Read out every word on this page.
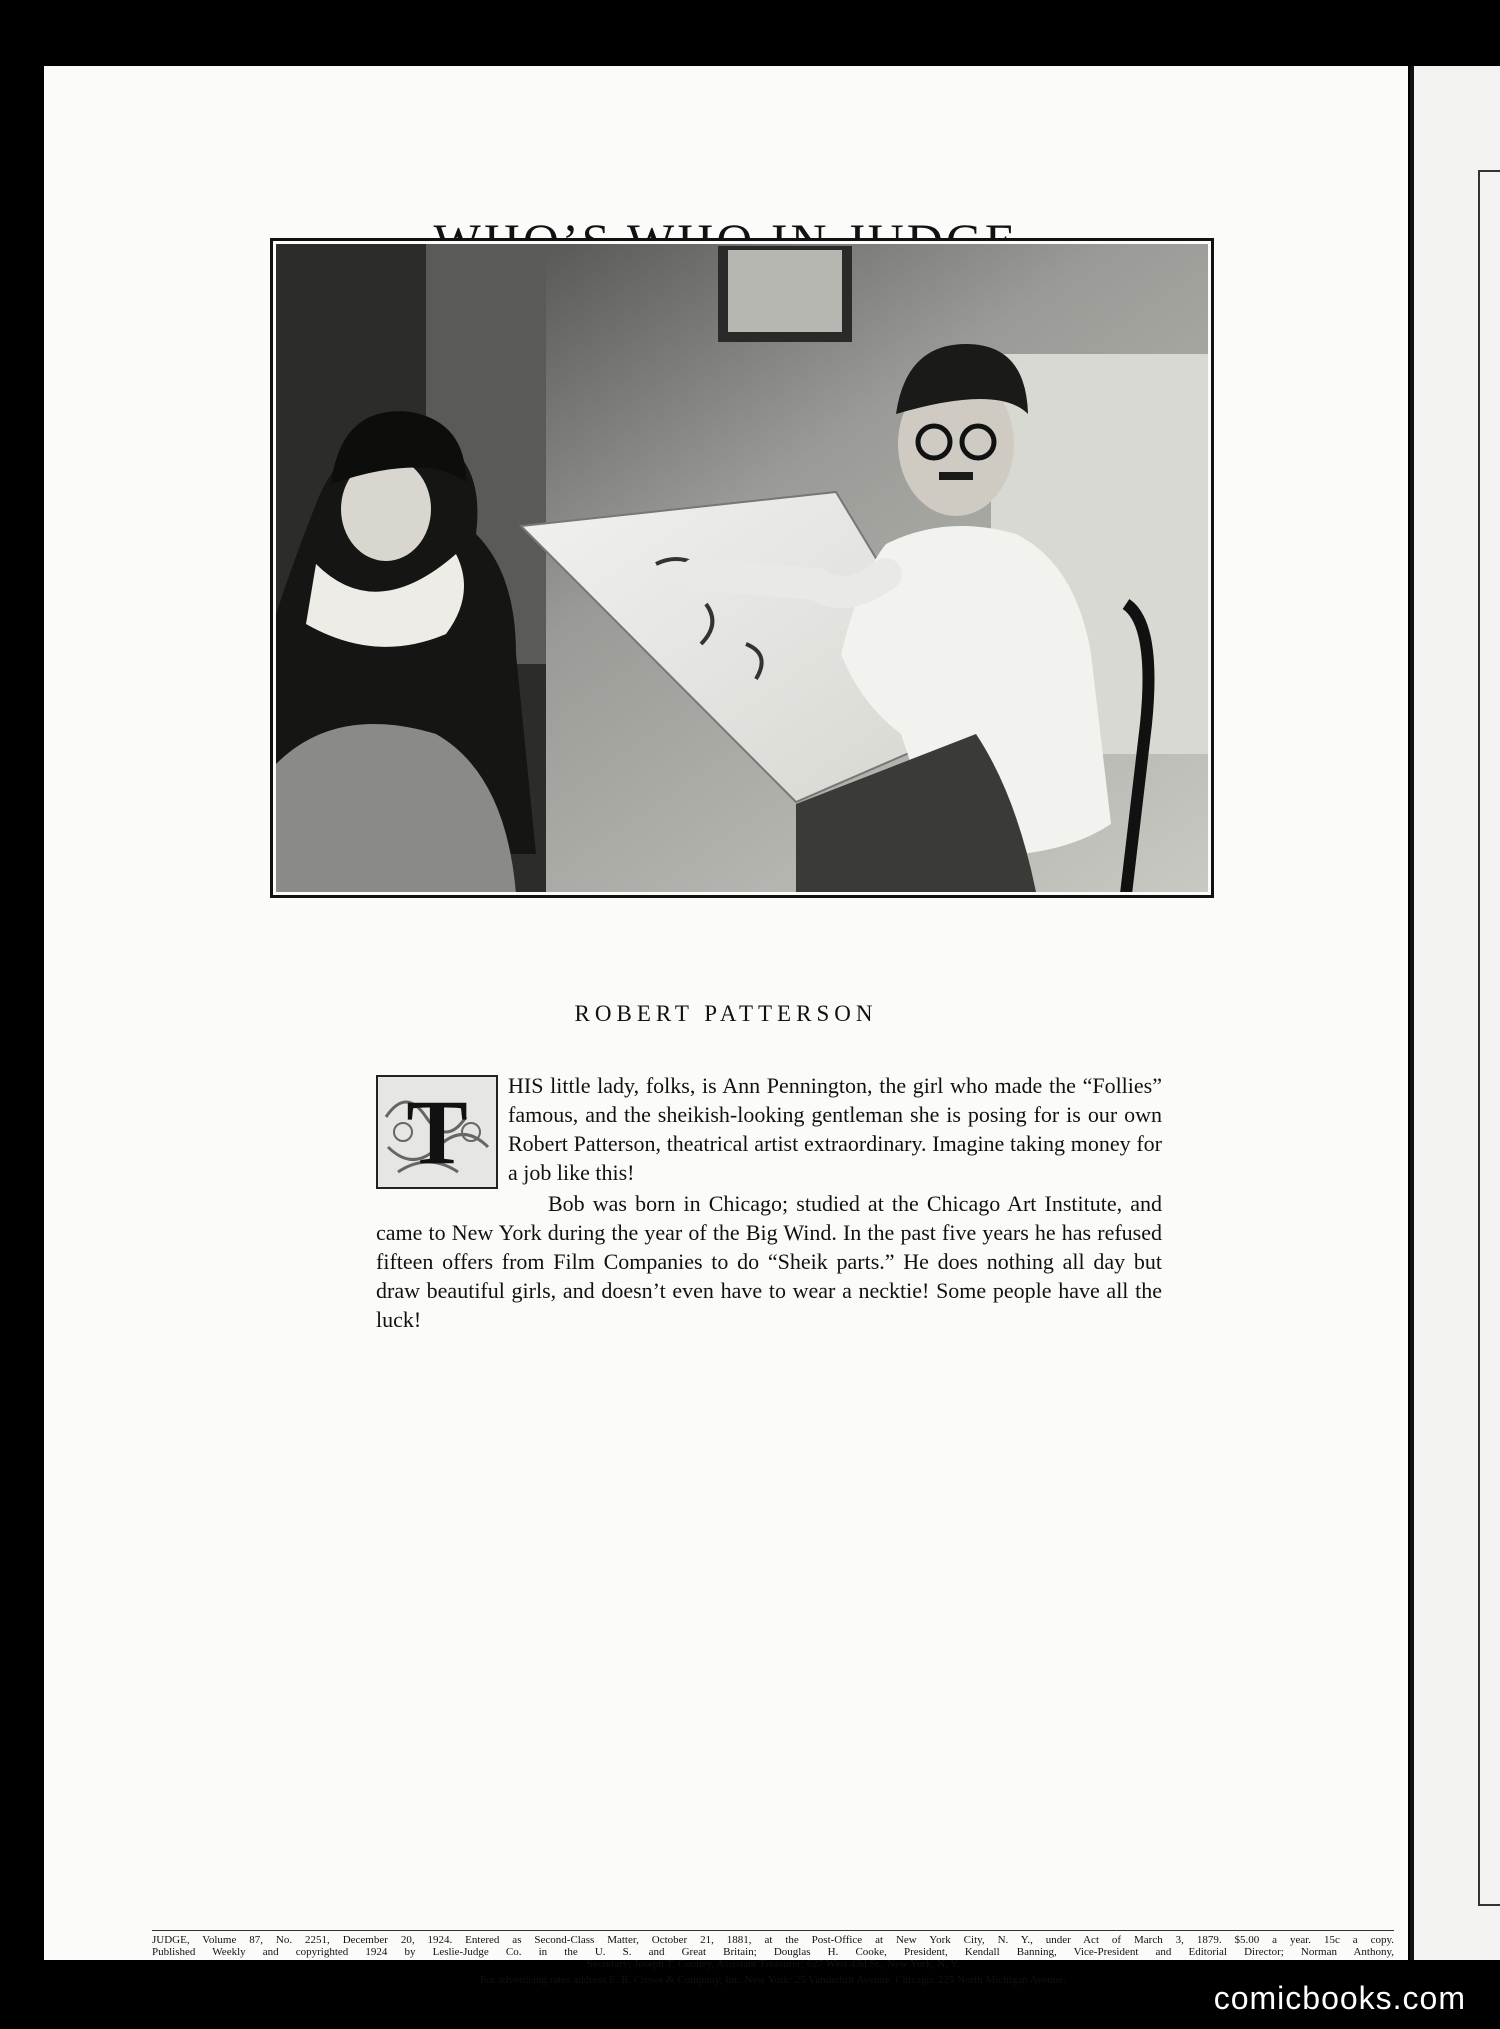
ROBERT PATTERSON
T	HIS little lady, folks, is Ann Pennington, the girl who made the “Follies” famous, and the sheikish-looking gentleman she is posing for is our own Robert Patterson, theatrical artist extraordinary. Imagine taking money for a job like this!

Bob was born in Chicago; studied at the Chicago Art Institute, and came to New York during the year of the Big Wind. In the past five years he has refused fifteen offers from Film Companies to do “Sheik parts.” He does nothing all day but draw beautiful girls, and doesn’t even have to wear a necktie! Some people have all the luck!

JUDGE, Volume 87, No. 2251, December 20, 1924. Entered as Second-Class Matter, October 21, 1881, at the Post-Office at New York City, N. Y., under Act of March 3, 1879. $5.00 a year. 15c a copy.

Published Weekly and copyrighted 1924 by Leslie-Judge Co. in the U. S. and Great Britain; Douglas H. Cooke, President, Kendall Banning, Vice-President and Editorial Director; Norman Anthony,

Secretary; Joseph T. Cooney, Assistant Treasurer; 627 West 43d St., New York, N. Y.

For advertising rates address E. R. Crowe & Company, Inc. New York: 25 Vanderbilt Avenue. Chicago: 225 North Michigan Avenue.	comicbooks.com
